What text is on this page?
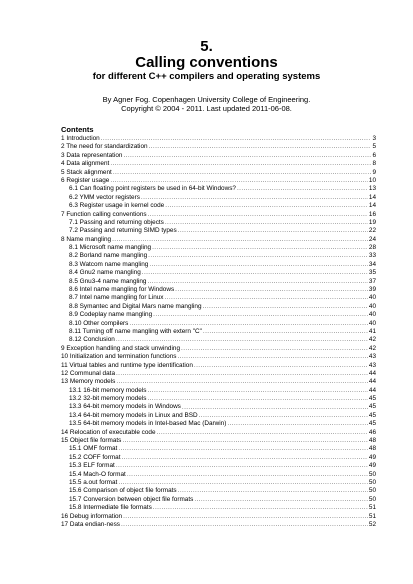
5.
Calling conventions
for different C++ compilers and operating systems
By Agner Fog. Copenhagen University College of Engineering.
Copyright © 2004 - 2011. Last updated 2011-06-08.
Contents
1 Introduction .....	3
2 The need for standardization .....	5
3 Data representation .....	6
4 Data alignment .....	8
5 Stack alignment .....	9
6 Register usage .....	10
6.1 Can floating point registers be used in 64-bit Windows? .....	13
6.2 YMM vector registers .....	14
6.3 Register usage in kernel code .....	14
7 Function calling conventions .....	16
7.1 Passing and returning objects .....	19
7.2 Passing and returning SIMD types .....	22
8 Name mangling .....	24
8.1 Microsoft name mangling .....	28
8.2 Borland name mangling .....	33
8.3 Watcom name mangling .....	34
8.4 Gnu2 name mangling .....	35
8.5 Gnu3-4 name mangling .....	37
8.6 Intel name mangling for Windows .....	39
8.7 Intel name mangling for Linux .....	40
8.8 Symantec and Digital Mars name mangling .....	40
8.9 Codeplay name mangling .....	40
8.10 Other compilers .....	40
8.11 Turning off name mangling with extern "C" .....	41
8.12 Conclusion .....	42
9 Exception handling and stack unwinding .....	42
10 Initialization and termination functions .....	43
11 Virtual tables and runtime type identification .....	43
12 Communal data .....	44
13 Memory models .....	44
13.1 16-bit memory models .....	44
13.2 32-bit memory models .....	45
13.3 64-bit memory models in Windows .....	45
13.4 64-bit memory models in Linux and BSD .....	45
13.5 64-bit memory models in Intel-based Mac (Darwin) .....	45
14 Relocation of executable code .....	46
15 Object file formats .....	48
15.1 OMF format .....	48
15.2 COFF format .....	49
15.3 ELF format .....	49
15.4 Mach-O format .....	50
15.5 a.out format .....	50
15.6 Comparison of object file formats .....	50
15.7 Conversion between object file formats .....	50
15.8 Intermediate file formats .....	51
16 Debug information .....	51
17 Data endian-ness .....	52
